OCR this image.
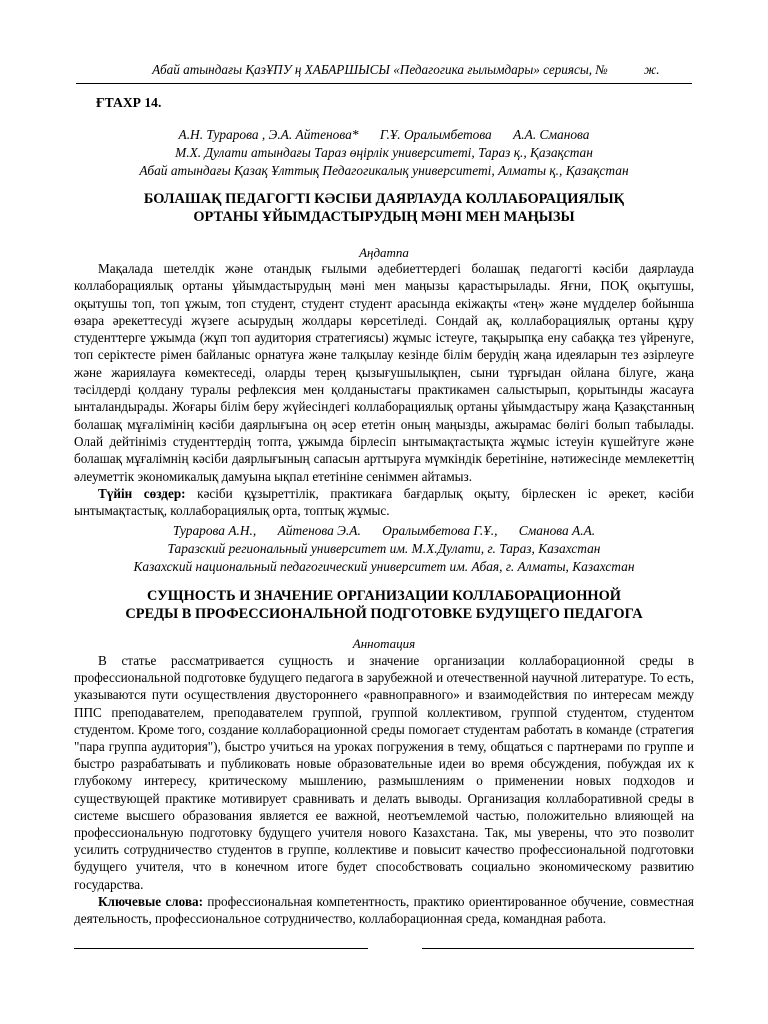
Абай атындағы ҚазҰПУ ң ХАБАРШЫСЫ «Педагогика ғылымдары» сериясы, №	ж.
ҒТАХР 14.
А.Н. Турарова , Э.А. Айтенова* Г.Ұ. Оралымбетова А.А. Сманова
М.Х. Дулати атындағы Тараз өңірлік университеті, Тараз қ., Қазақстан
Абай атындағы Қазақ Ұлттық Педагогикалық университеті, Алматы қ., Қазақстан
БОЛАШАҚ ПЕДАГОГТІ КӘСІБИ ДАЯРЛАУДА КОЛЛАБОРАЦИЯЛЫҚ
ОРТАНЫ ҰЙЫМДАСТЫРУДЫҢ МӘНІ МЕН МАҢЫЗЫ
Аңдатпа

Мақалада шетелдік және отандық ғылыми әдебиеттердегі болашақ педагогті кәсіби даярлауда коллаборациялық ортаны ұйымдастырудың мәні мен маңызы қарастырылады. Яғни, ПОҚ оқытушы, оқытушы топ, топ ұжым, топ студент, студент студент арасында екіжақты «тең» және мүдделер бойынша өзара әрекеттесуді жүзеге асырудың жолдары көрсетіледі. Сондай ақ, коллаборациялық ортаны құру студенттерге ұжымда (жұп топ аудитория стратегиясы) жұмыс істеуге, тақырыпқа ену сабаққа тез үйренуге, топ серіктесте рімен байланыс орнатуға және талқылау кезінде білім берудің жаңа идеяларын тез әзірлеуге және жариялауға көмектеседі, оларды терең қызығушылықпен, сыни тұрғыдан ойлана білуге, жаңа тәсілдерді қолдану туралы рефлексия мен қолданыстағы практикамен салыстырып, қорытынды жасауға ынталандырады. Жоғары білім беру жүйесіндегі коллаборациялық ортаны ұйымдастыру жаңа Қазақстанның болашақ мұғалімінің кәсіби даярлығына оң әсер ететін оның маңызды, ажырамас бөлігі болып табылады. Олай дейтініміз студенттердің топта, ұжымда бірлесіп ынтымақтастықта жұмыс істеуін күшейтуге және болашақ мұғалімнің кәсіби даярлығының сапасын арттыруға мүмкіндік беретініне, нәтижесінде мемлекеттің әлеуметтік экономикалық дамуына ықпал ететініне сеніммен айтамыз.

Түйін сөздер: кәсіби құзыреттілік, практикаға бағдарлық оқыту, бірлескен іс әрекет, кәсіби ынтымақтастық, коллаборациялық орта, топтық жұмыс.

Турарова А.Н., Айтенова Э.А. Оралымбетова Г.Ұ., Сманова А.А.
Таразский региональный университет им. М.Х.Дулати, г. Тараз, Казахстан
Казахский национальный педагогический университет им. Абая, г. Алматы, Казахстан
СУЩНОСТЬ И ЗНАЧЕНИЕ ОРГАНИЗАЦИИ КОЛЛАБОРАЦИОННОЙ
СРЕДЫ В ПРОФЕССИОНАЛЬНОЙ ПОДГОТОВКЕ БУДУЩЕГО ПЕДАГОГА
Аннотация

В статье рассматривается сущность и значение организации коллаборационной среды в профессиональной подготовке будущего педагога в зарубежной и отечественной научной литературе. То есть, указываются пути осуществления двустороннего «равноправного» и взаимодействия по интересам между ППС преподавателем, преподавателем группой, группой коллективом, группой студентом, студентом студентом. Кроме того, создание коллаборационной среды помогает студентам работать в команде (стратегия "пара группа аудитория"), быстро учиться на уроках погружения в тему, общаться с партнерами по группе и быстро разрабатывать и публиковать новые образовательные идеи во время обсуждения, побуждая их к глубокому интересу, критическому мышлению, размышлениям о применении новых подходов и существующей практике мотивирует сравнивать и делать выводы. Организация коллаборативной среды в системе высшего образования является ее важной, неотъемлемой частью, положительно влияющей на профессиональную подготовку будущего учителя нового Казахстана. Так, мы уверены, что это позволит усилить сотрудничество студентов в группе, коллективе и повысит качество профессиональной подготовки будущего учителя, что в конечном итоге будет способствовать социально экономическому развитию государства.

Ключевые слова: профессиональная компетентность, практико ориентированное обучение, совместная деятельность, профессиональное сотрудничество, коллаборационная среда, командная работа.
